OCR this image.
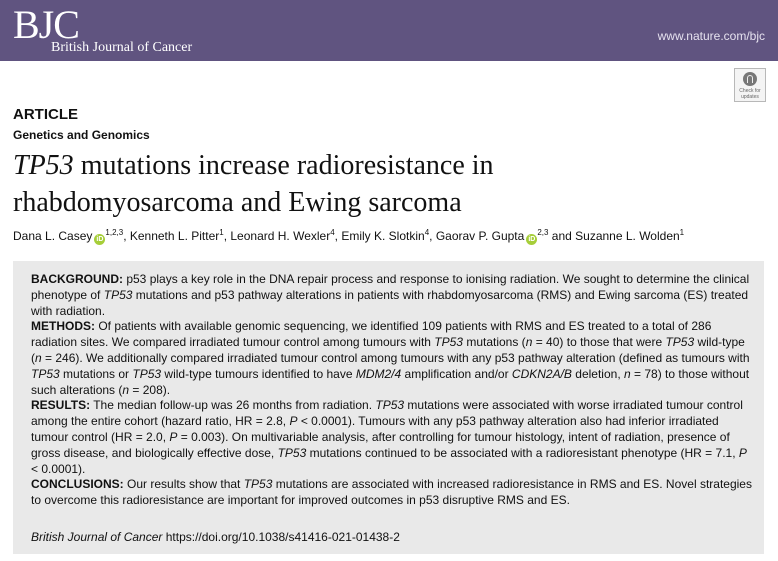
BJC
British Journal of Cancer
www.nature.com/bjc
Check for
updates
ARTICLE
Genetics and Genomics
TP53 mutations increase radioresistance in
rhabdomyosarcoma and Ewing sarcoma
Dana L. Casey iD$^{1,2,3}$, Kenneth L. Pitter$^1$, Leonard H. Wexler$^4$, Emily K. Slotkin$^4$, Gaorav P. Gupta iD$^{2,3}$ and Suzanne L. Wolden$^1$

BACKGROUND: p53 plays a key role in the DNA repair process and response to ionising radiation. We sought to determine the clinical phenotype of TP53 mutations and p53 pathway alterations in patients with rhabdomyosarcoma (RMS) and Ewing sarcoma (ES) treated with radiation.

METHODS: Of patients with available genomic sequencing, we identified 109 patients with RMS and ES treated to a total of 286 radiation sites. We compared irradiated tumour control among tumours with TP53 mutations (n = 40) to those that were TP53 wild-type (n = 246). We additionally compared irradiated tumour control among tumours with any p53 pathway alteration (defined as tumours with TP53 mutations or TP53 wild-type tumours identified to have MDM2/4 amplification and/or CDKN2A/B deletion, n = 78) to those without such alterations (n = 208).

RESULTS: The median follow-up was 26 months from radiation. TP53 mutations were associated with worse irradiated tumour control among the entire cohort (hazard ratio, HR = 2.8, P < 0.0001). Tumours with any p53 pathway alteration also had inferior irradiated tumour control (HR = 2.0, P = 0.003). On multivariable analysis, after controlling for tumour histology, intent of radiation, presence of gross disease, and biologically effective dose, TP53 mutations continued to be associated with a radioresistant phenotype (HR = 7.1, P < 0.0001).

CONCLUSIONS: Our results show that TP53 mutations are associated with increased radioresistance in RMS and ES. Novel strategies to overcome this radioresistance are important for improved outcomes in p53 disruptive RMS and ES.

British Journal of Cancer https://doi.org/10.1038/s41416-021-01438-2
